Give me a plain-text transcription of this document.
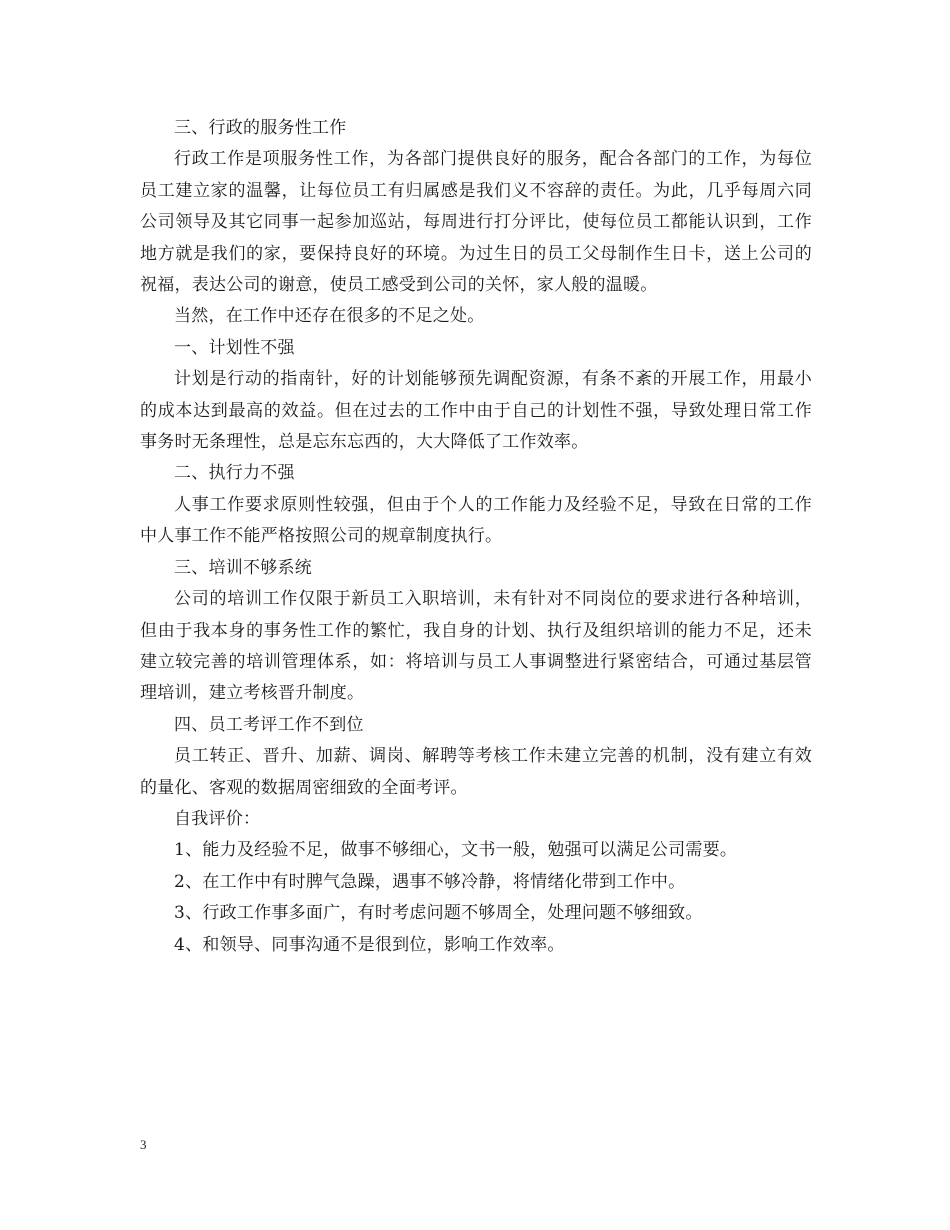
三、行政的服务性工作

行政工作是项服务性工作，为各部门提供良好的服务，配合各部门的工作，为每位员工建立家的温馨，让每位员工有归属感是我们义不容辞的责任。为此，几乎每周六同公司领导及其它同事一起参加巡站，每周进行打分评比，使每位员工都能认识到，工作地方就是我们的家，要保持良好的环境。为过生日的员工父母制作生日卡，送上公司的祝福，表达公司的谢意，使员工感受到公司的关怀，家人般的温暖。

当然，在工作中还存在很多的不足之处。

一、计划性不强

计划是行动的指南针，好的计划能够预先调配资源，有条不紊的开展工作，用最小的成本达到最高的效益。但在过去的工作中由于自己的计划性不强，导致处理日常工作事务时无条理性，总是忘东忘西的，大大降低了工作效率。

二、执行力不强

人事工作要求原则性较强，但由于个人的工作能力及经验不足，导致在日常的工作中人事工作不能严格按照公司的规章制度执行。

三、培训不够系统

公司的培训工作仅限于新员工入职培训，未有针对不同岗位的要求进行各种培训，但由于我本身的事务性工作的繁忙，我自身的计划、执行及组织培训的能力不足，还未建立较完善的培训管理体系，如：将培训与员工人事调整进行紧密结合，可通过基层管理培训，建立考核晋升制度。

四、员工考评工作不到位

员工转正、晋升、加薪、调岗、解聘等考核工作未建立完善的机制，没有建立有效的量化、客观的数据周密细致的全面考评。

自我评价：

1、能力及经验不足，做事不够细心，文书一般，勉强可以满足公司需要。

2、在工作中有时脾气急躁，遇事不够冷静，将情绪化带到工作中。

3、行政工作事多面广，有时考虑问题不够周全，处理问题不够细致。

4、和领导、同事沟通不是很到位，影响工作效率。

3
